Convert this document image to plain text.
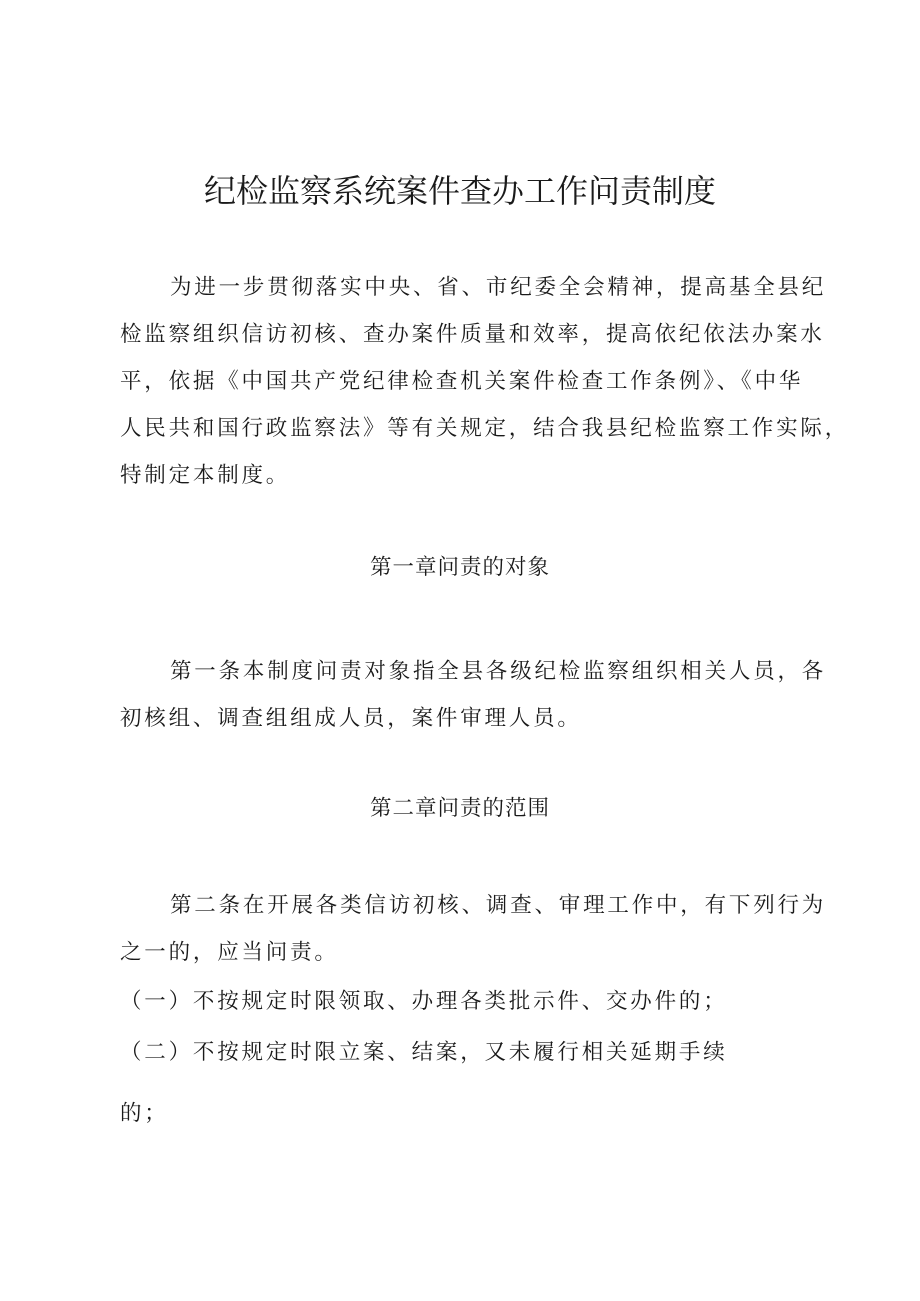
纪检监察系统案件查办工作问责制度
为进一步贯彻落实中央、省、市纪委全会精神，提高基全县纪
检监察组织信访初核、查办案件质量和效率，提高依纪依法办案水
平，依据《中国共产党纪律检查机关案件检查工作条例》、《中华
人民共和国行政监察法》等有关规定，结合我县纪检监察工作实际，
特制定本制度。

第一章问责的对象

第一条本制度问责对象指全县各级纪检监察组织相关人员，各
初核组、调查组组成人员，案件审理人员。

第二章问责的范围

第二条在开展各类信访初核、调查、审理工作中，有下列行为
之一的，应当问责。
（一）不按规定时限领取、办理各类批示件、交办件的；
（二）不按规定时限立案、结案，又未履行相关延期手续
的；
